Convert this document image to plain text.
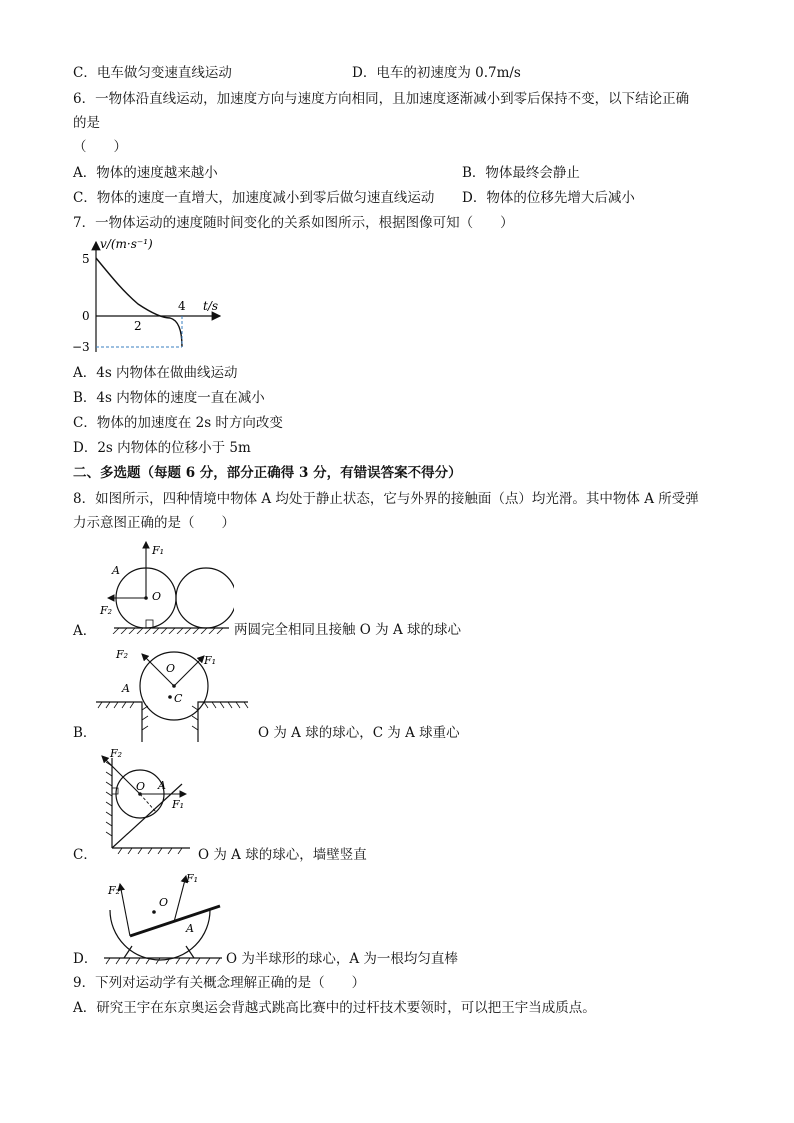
C．电车做匀变速直线运动	D．电车的初速度为 0.7m/s
6．一物体沿直线运动，加速度方向与速度方向相同，且加速度逐渐减小到零后保持不变，以下结论正确
的是
（　　）
A．物体的速度越来越小	B．物体最终会静止
C．物体的速度一直增大，加速度减小到零后做匀速直线运动 D．物体的位移先增大后减小
7．一物体运动的速度随时间变化的关系如图所示，根据图像可知（　　）
v/(m·s⁻¹)
t/s
5
0
−3
2
4
A．4s 内物体在做曲线运动
B．4s 内物体的速度一直在减小
C．物体的加速度在 2s 时方向改变
D．2s 内物体的位移小于 5m
二、多选题（每题 6 分，部分正确得 3 分，有错误答案不得分）
8．如图所示，四种情境中物体 A 均处于静止状态，它与外界的接触面（点）均光滑。其中物体 A 所受弹
力示意图正确的是（　　）
F₁
F₂
A
O
A．	两圆完全相同且接触 O 为 A 球的球心
F₁
F₂
O
C
A
B．	O 为 A 球的球心，C 为 A 球重心
F₂
F₁
O A
C．	O 为 A 球的球心，墙壁竖直
F₁
F₂
O
A
D．	O 为半球形的球心，A 为一根均匀直棒
9．下列对运动学有关概念理解正确的是（　　）
A．研究王宇在东京奥运会背越式跳高比赛中的过杆技术要领时，可以把王宇当成质点。
